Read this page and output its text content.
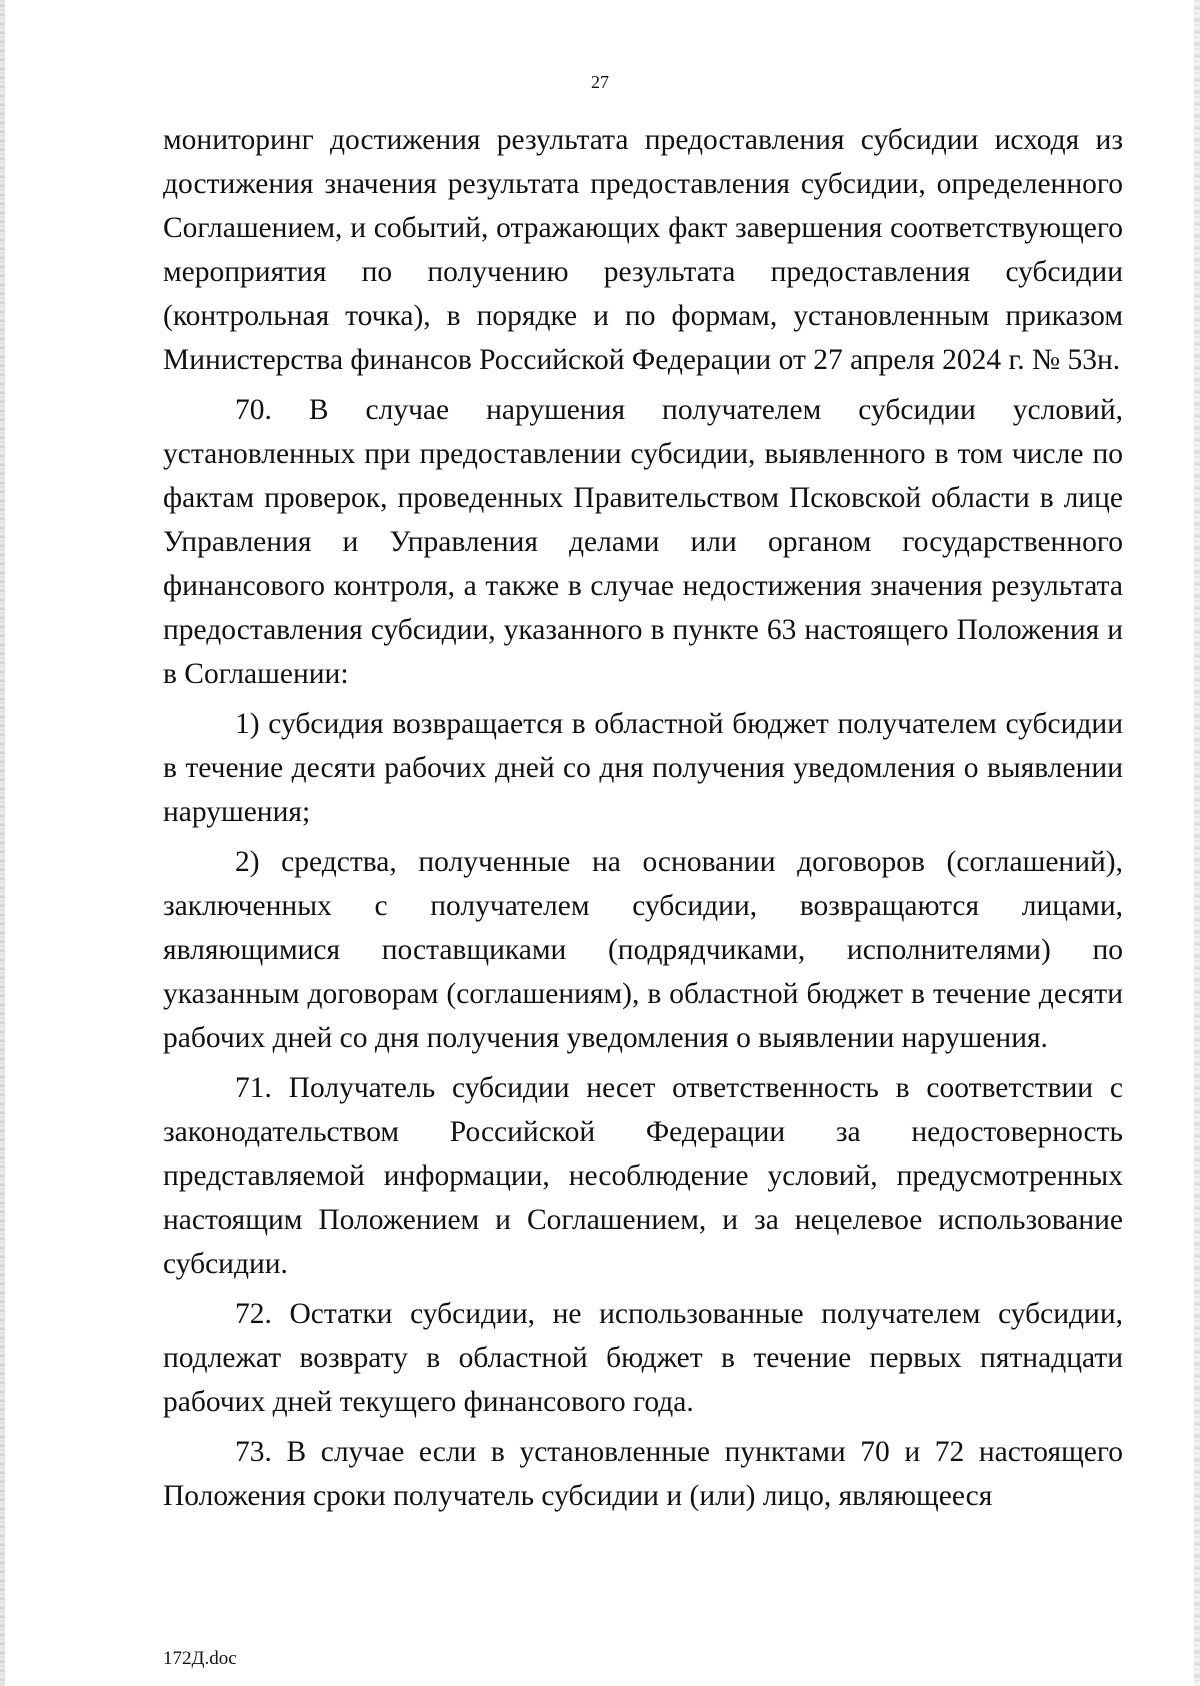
27

мониторинг достижения результата предоставления субсидии исходя из достижения значения результата предоставления субсидии, определенного Соглашением, и событий, отражающих факт завершения соответствующего мероприятия по получению результата предоставления субсидии (контрольная точка), в порядке и по формам, установленным приказом Министерства финансов Российской Федерации от 27 апреля 2024 г. № 53н.

70. В случае нарушения получателем субсидии условий, установленных при предоставлении субсидии, выявленного в том числе по фактам проверок, проведенных Правительством Псковской области в лице Управления и Управления делами или органом государственного финансового контроля, а также в случае недостижения значения результата предоставления субсидии, указанного в пункте 63 настоящего Положения и в Соглашении:

1) субсидия возвращается в областной бюджет получателем субсидии в течение десяти рабочих дней со дня получения уведомления о выявлении нарушения;

2) средства, полученные на основании договоров (соглашений), заключенных с получателем субсидии, возвращаются лицами, являющимися поставщиками (подрядчиками, исполнителями) по указанным договорам (соглашениям), в областной бюджет в течение десяти рабочих дней со дня получения уведомления о выявлении нарушения.

71. Получатель субсидии несет ответственность в соответствии с законодательством Российской Федерации за недостоверность представляемой информации, несоблюдение условий, предусмотренных настоящим Положением и Соглашением, и за нецелевое использование субсидии.

72. Остатки субсидии, не использованные получателем субсидии, подлежат возврату в областной бюджет в течение первых пятнадцати рабочих дней текущего финансового года.

73. В случае если в установленные пунктами 70 и 72 настоящего Положения сроки получатель субсидии и (или) лицо, являющееся

172Д.doc
